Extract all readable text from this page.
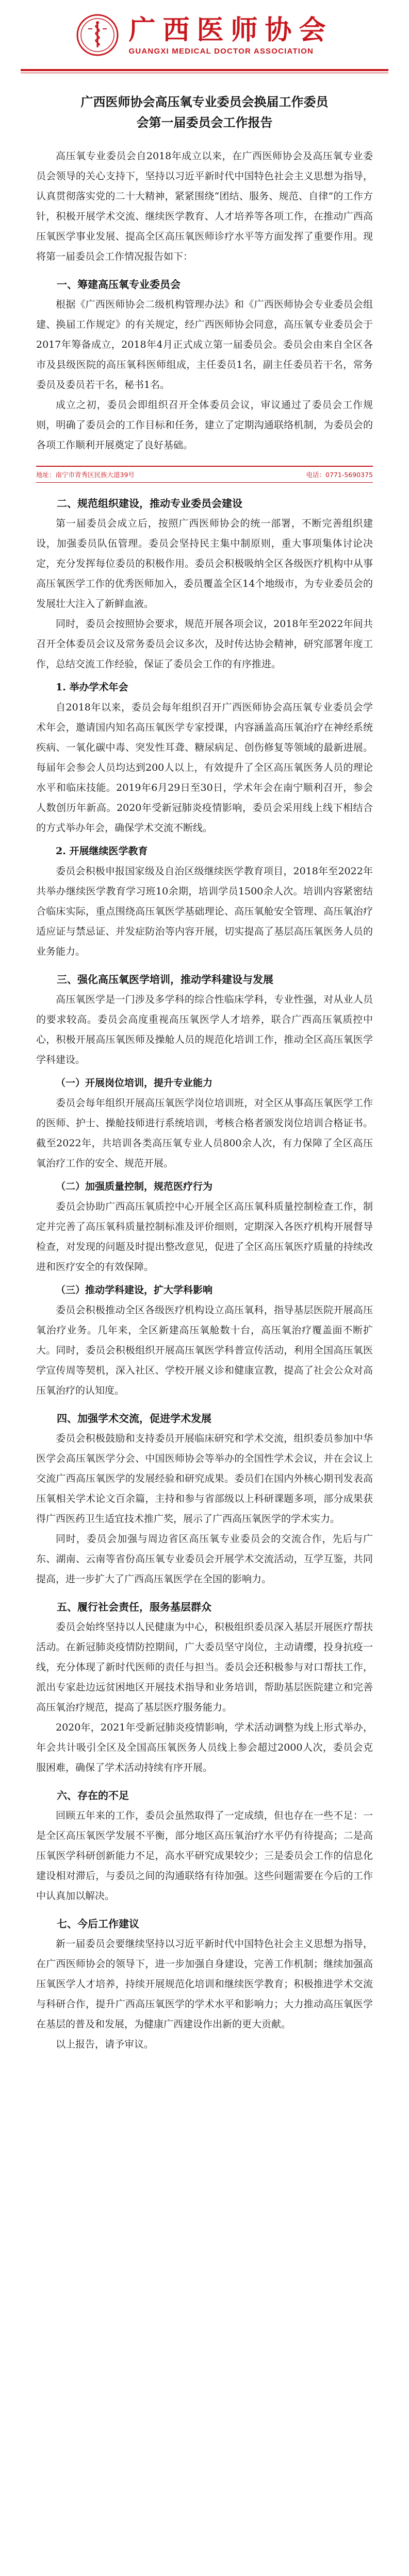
广西医师协会
GUANGXI MEDICAL DOCTOR ASSOCIATION
广西医师协会高压氧专业委员会换届工作委员
会第一届委员会工作报告

高压氧专业委员会自2018年成立以来，在广西医师协会及高压氧专业委员会领导的关心支持下，坚持以习近平新时代中国特色社会主义思想为指导，认真贯彻落实党的二十大精神，紧紧围绕“团结、服务、规范、自律”的工作方针，积极开展学术交流、继续医学教育、人才培养等各项工作，在推动广西高压氧医学事业发展、提高全区高压氧医师诊疗水平等方面发挥了重要作用。现将第一届委员会工作情况报告如下：

一、筹建高压氧专业委员会

根据《广西医师协会二级机构管理办法》和《广西医师协会专业委员会组建、换届工作规定》的有关规定，经广西医师协会同意，高压氧专业委员会于2017年筹备成立，2018年4月正式成立第一届委员会。委员会由来自全区各市及县级医院的高压氧科医师组成，主任委员1名，副主任委员若干名，常务委员及委员若干名，秘书1名。

成立之初，委员会即组织召开全体委员会议，审议通过了委员会工作规则，明确了委员会的工作目标和任务，建立了定期沟通联络机制，为委员会的各项工作顺利开展奠定了良好基础。

地址：南宁市青秀区民族大道39号	电话：0771-5690375
二、规范组织建设，推动专业委员会建设

第一届委员会成立后，按照广西医师协会的统一部署，不断完善组织建设，加强委员队伍管理。委员会坚持民主集中制原则，重大事项集体讨论决定，充分发挥每位委员的积极作用。委员会积极吸纳全区各级医疗机构中从事高压氧医学工作的优秀医师加入，委员覆盖全区14个地级市，为专业委员会的发展壮大注入了新鲜血液。

同时，委员会按照协会要求，规范开展各项会议，2018年至2022年间共召开全体委员会议及常务委员会议多次，及时传达协会精神，研究部署年度工作，总结交流工作经验，保证了委员会工作的有序推进。

1. 举办学术年会

自2018年以来，委员会每年组织召开广西医师协会高压氧专业委员会学术年会，邀请国内知名高压氧医学专家授课，内容涵盖高压氧治疗在神经系统疾病、一氧化碳中毒、突发性耳聋、糖尿病足、创伤修复等领域的最新进展。每届年会参会人员均达到200人以上，有效提升了全区高压氧医务人员的理论水平和临床技能。2019年6月29日至30日，学术年会在南宁顺利召开，参会人数创历年新高。2020年受新冠肺炎疫情影响，委员会采用线上线下相结合的方式举办年会，确保学术交流不断线。

2. 开展继续医学教育

委员会积极申报国家级及自治区级继续医学教育项目，2018年至2022年共举办继续医学教育学习班10余期，培训学员1500余人次。培训内容紧密结合临床实际，重点围绕高压氧医学基础理论、高压氧舱安全管理、高压氧治疗适应证与禁忌证、并发症防治等内容开展，切实提高了基层高压氧医务人员的业务能力。

三、强化高压氧医学培训，推动学科建设与发展

高压氧医学是一门涉及多学科的综合性临床学科，专业性强，对从业人员的要求较高。委员会高度重视高压氧医学人才培养，联合广西高压氧质控中心，积极开展高压氧医师及操舱人员的规范化培训工作，推动全区高压氧医学学科建设。

（一）开展岗位培训，提升专业能力

委员会每年组织开展高压氧医学岗位培训班，对全区从事高压氧医学工作的医师、护士、操舱技师进行系统培训，考核合格者颁发岗位培训合格证书。截至2022年，共培训各类高压氧专业人员800余人次，有力保障了全区高压氧治疗工作的安全、规范开展。

（二）加强质量控制，规范医疗行为

委员会协助广西高压氧质控中心开展全区高压氧科质量控制检查工作，制定并完善了高压氧科质量控制标准及评价细则，定期深入各医疗机构开展督导检查，对发现的问题及时提出整改意见，促进了全区高压氧医疗质量的持续改进和医疗安全的有效保障。

（三）推动学科建设，扩大学科影响

委员会积极推动全区各级医疗机构设立高压氧科，指导基层医院开展高压氧治疗业务。几年来，全区新建高压氧舱数十台，高压氧治疗覆盖面不断扩大。同时，委员会积极组织开展高压氧医学科普宣传活动，利用全国高压氧医学宣传周等契机，深入社区、学校开展义诊和健康宣教，提高了社会公众对高压氧治疗的认知度。

四、加强学术交流，促进学术发展

委员会积极鼓励和支持委员开展临床研究和学术交流，组织委员参加中华医学会高压氧医学分会、中国医师协会等举办的全国性学术会议，并在会议上交流广西高压氧医学的发展经验和研究成果。委员们在国内外核心期刊发表高压氧相关学术论文百余篇，主持和参与省部级以上科研课题多项，部分成果获得广西医药卫生适宜技术推广奖，展示了广西高压氧医学的学术实力。

同时，委员会加强与周边省区高压氧专业委员会的交流合作，先后与广东、湖南、云南等省份高压氧专业委员会开展学术交流活动，互学互鉴，共同提高，进一步扩大了广西高压氧医学在全国的影响力。

五、履行社会责任，服务基层群众

委员会始终坚持以人民健康为中心，积极组织委员深入基层开展医疗帮扶活动。在新冠肺炎疫情防控期间，广大委员坚守岗位，主动请缨，投身抗疫一线，充分体现了新时代医师的责任与担当。委员会还积极参与对口帮扶工作，派出专家赴边远贫困地区开展技术指导和业务培训，帮助基层医院建立和完善高压氧治疗规范，提高了基层医疗服务能力。

2020年，2021年受新冠肺炎疫情影响，学术活动调整为线上形式举办，年会共计吸引全区及全国高压氧医务人员线上参会超过2000人次，委员会克服困难，确保了学术活动持续有序开展。

六、存在的不足

回顾五年来的工作，委员会虽然取得了一定成绩，但也存在一些不足：一是全区高压氧医学发展不平衡，部分地区高压氧治疗水平仍有待提高；二是高压氧医学科研创新能力不足，高水平研究成果较少；三是委员会工作的信息化建设相对滞后，与委员之间的沟通联络有待加强。这些问题需要在今后的工作中认真加以解决。

七、今后工作建议

新一届委员会要继续坚持以习近平新时代中国特色社会主义思想为指导，在广西医师协会的领导下，进一步加强自身建设，完善工作机制；继续加强高压氧医学人才培养，持续开展规范化培训和继续医学教育；积极推进学术交流与科研合作，提升广西高压氧医学的学术水平和影响力；大力推动高压氧医学在基层的普及和发展，为健康广西建设作出新的更大贡献。

以上报告，请予审议。
